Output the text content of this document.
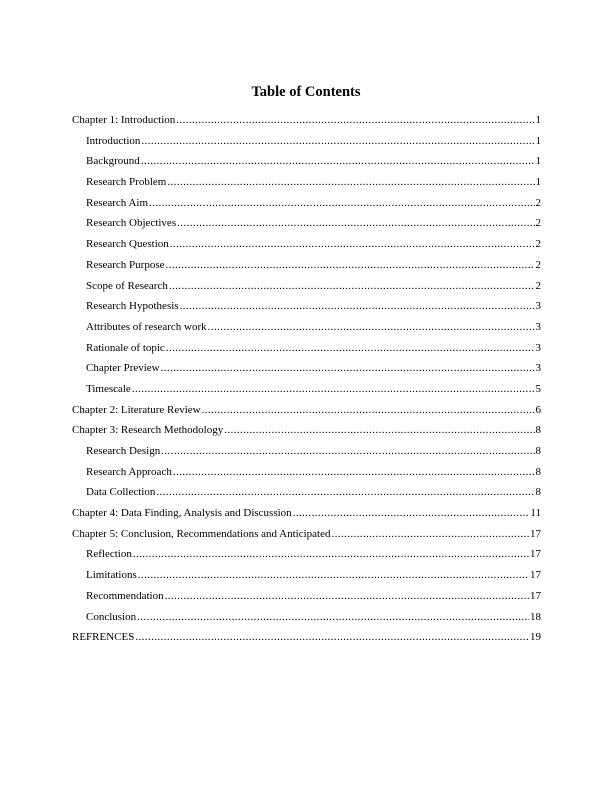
Table of Contents
Chapter 1: Introduction .....	1
Introduction .....	1
Background .....	1
Research Problem .....	1
Research Aim .....	2
Research Objectives .....	2
Research Question .....	2
Research Purpose .....	2
Scope of Research .....	2
Research Hypothesis .....	3
Attributes of research work .....	3
Rationale of topic .....	3
Chapter Preview .....	3
Timescale .....	5
Chapter 2: Literature Review .....	6
Chapter 3: Research Methodology .....	8
Research Design .....	8
Research Approach .....	8
Data Collection .....	8
Chapter 4: Data Finding, Analysis and Discussion .....	11
Chapter 5: Conclusion, Recommendations and Anticipated .....	17
Reflection .....	17
Limitations .....	17
Recommendation .....	17
Conclusion .....	18
REFRENCES .....	19
